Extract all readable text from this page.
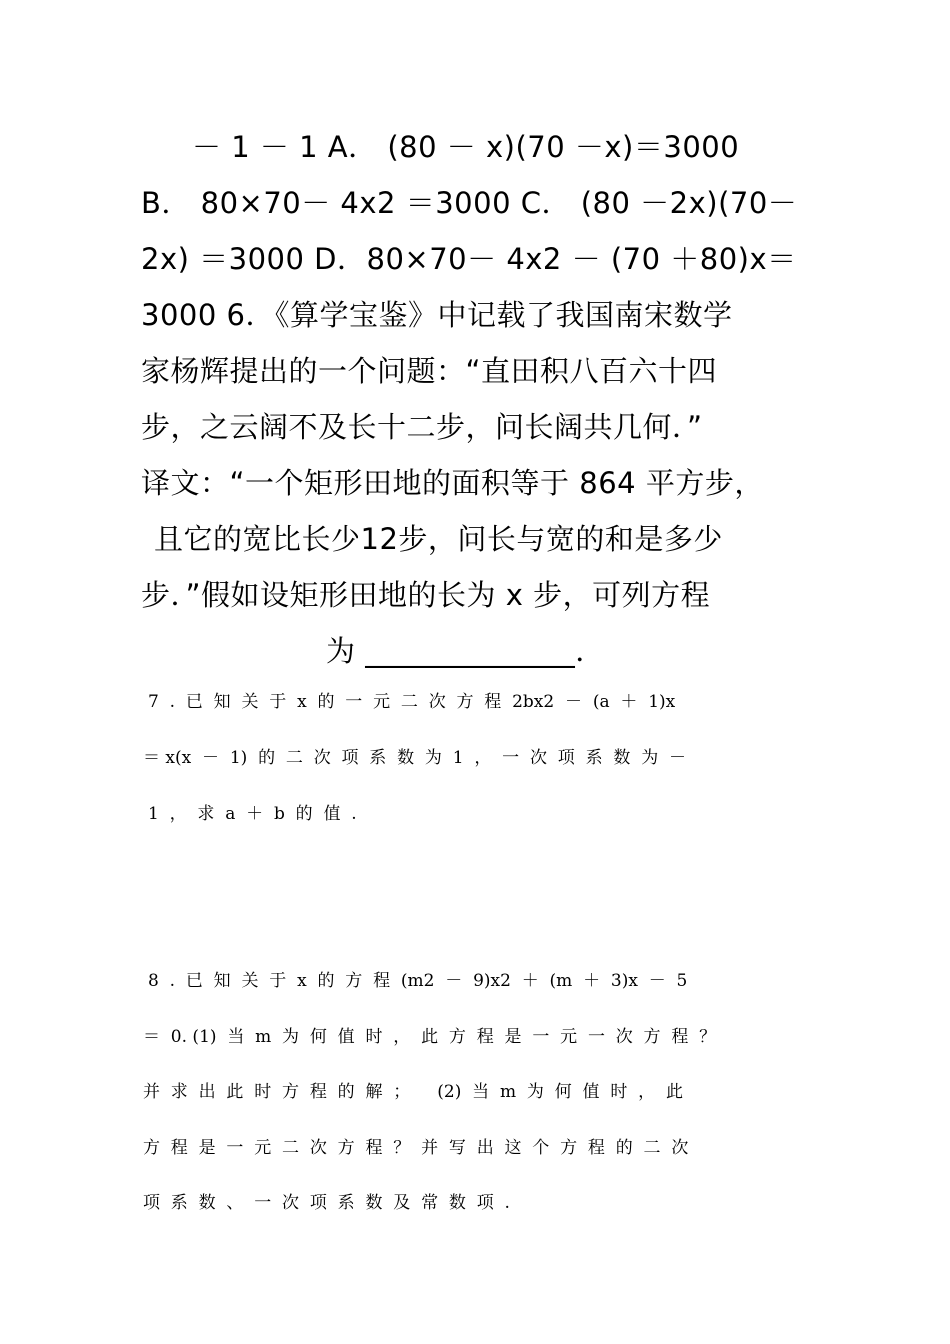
－ 1 － 1 A． (80 － x)(70 －x)＝3000
B． 80×70－ 4x2 ＝3000 C． (80 －2x)(70－
2x) ＝3000 D．80×70－ 4x2 － (70 ＋80)x＝
3000 6．《算学宝鉴》中记载了我国南宋数学
家杨辉提出的一个问题：“直田积八百六十四
步，之云阔不及长十二步，问长阔共几何．”
译文：“一个矩形田地的面积等于 864 平方步，
且它的宽比长少12步，问长与宽的和是多少
步．”假如设矩形田地的长为 x 步，可列方程
为 ______________．
7  .  已  知  关  于  x  的  一  元  二  次  方  程  2bx2  －  (a  ＋  1)x
＝ x(x  －  1)  的  二  次  项  系  数  为  1  ，  一  次  项  系  数  为  －
1  ，  求  a  ＋  b  的  值  .
8  .  已  知  关  于  x  的  方  程  (m2  －  9)x2  ＋  (m  ＋  3)x  －  5
＝  0. (1)  当  m  为  何  值  时  ，  此  方  程  是  一  元  一  次  方  程  ？
并  求  出  此  时  方  程  的  解  ；     (2)  当  m  为  何  值  时  ，  此
方  程  是  一  元  二  次  方  程  ？  并  写  出  这  个  方  程  的  二  次
项  系  数  、  一  次  项  系  数  及  常  数  项  .
